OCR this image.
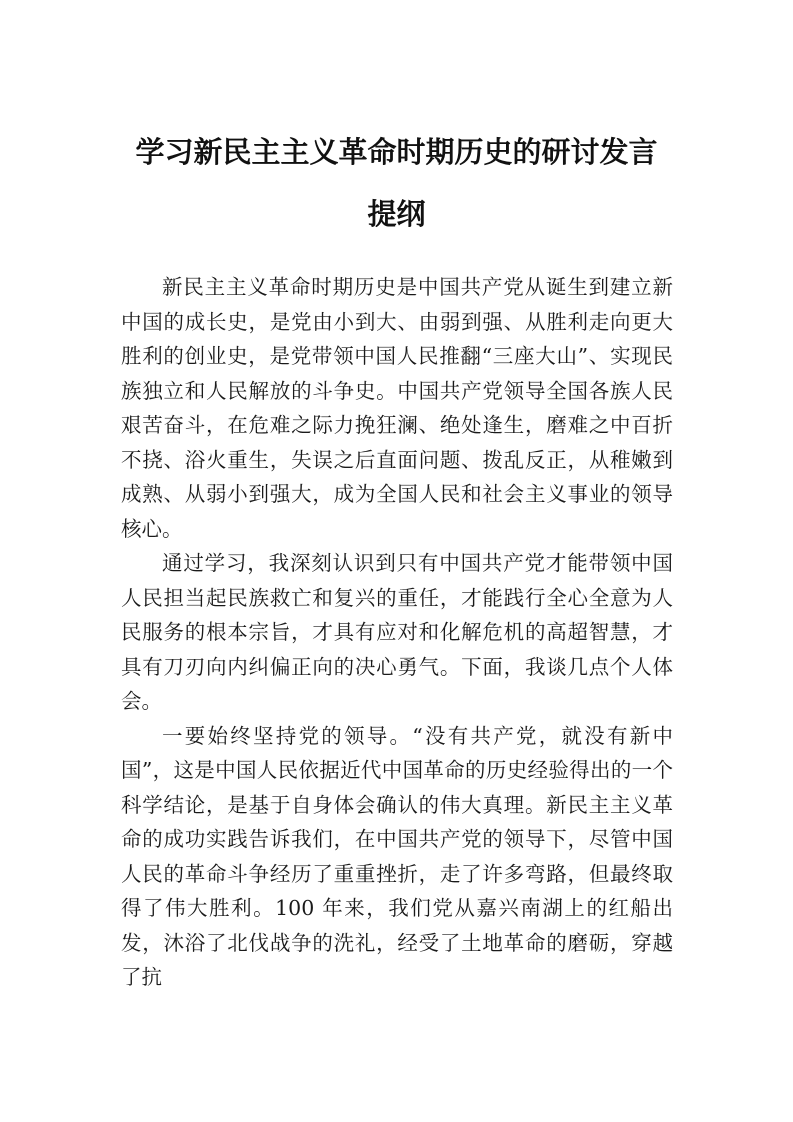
学习新民主主义革命时期历史的研讨发言
提纲

新民主主义革命时期历史是中国共产党从诞生到建立新中国的成长史，是党由小到大、由弱到强、从胜利走向更大胜利的创业史，是党带领中国人民推翻“三座大山”、实现民族独立和人民解放的斗争史。中国共产党领导全国各族人民艰苦奋斗，在危难之际力挽狂澜、绝处逢生，磨难之中百折不挠、浴火重生，失误之后直面问题、拨乱反正，从稚嫩到成熟、从弱小到强大，成为全国人民和社会主义事业的领导核心。

通过学习，我深刻认识到只有中国共产党才能带领中国人民担当起民族救亡和复兴的重任，才能践行全心全意为人民服务的根本宗旨，才具有应对和化解危机的高超智慧，才具有刀刃向内纠偏正向的决心勇气。下面，我谈几点个人体会。

一要始终坚持党的领导。“没有共产党，就没有新中国”，这是中国人民依据近代中国革命的历史经验得出的一个科学结论，是基于自身体会确认的伟大真理。新民主主义革命的成功实践告诉我们，在中国共产党的领导下，尽管中国人民的革命斗争经历了重重挫折，走了许多弯路，但最终取得了伟大胜利。100 年来，我们党从嘉兴南湖上的红船出发，沐浴了北伐战争的洗礼，经受了土地革命的磨砺，穿越了抗
